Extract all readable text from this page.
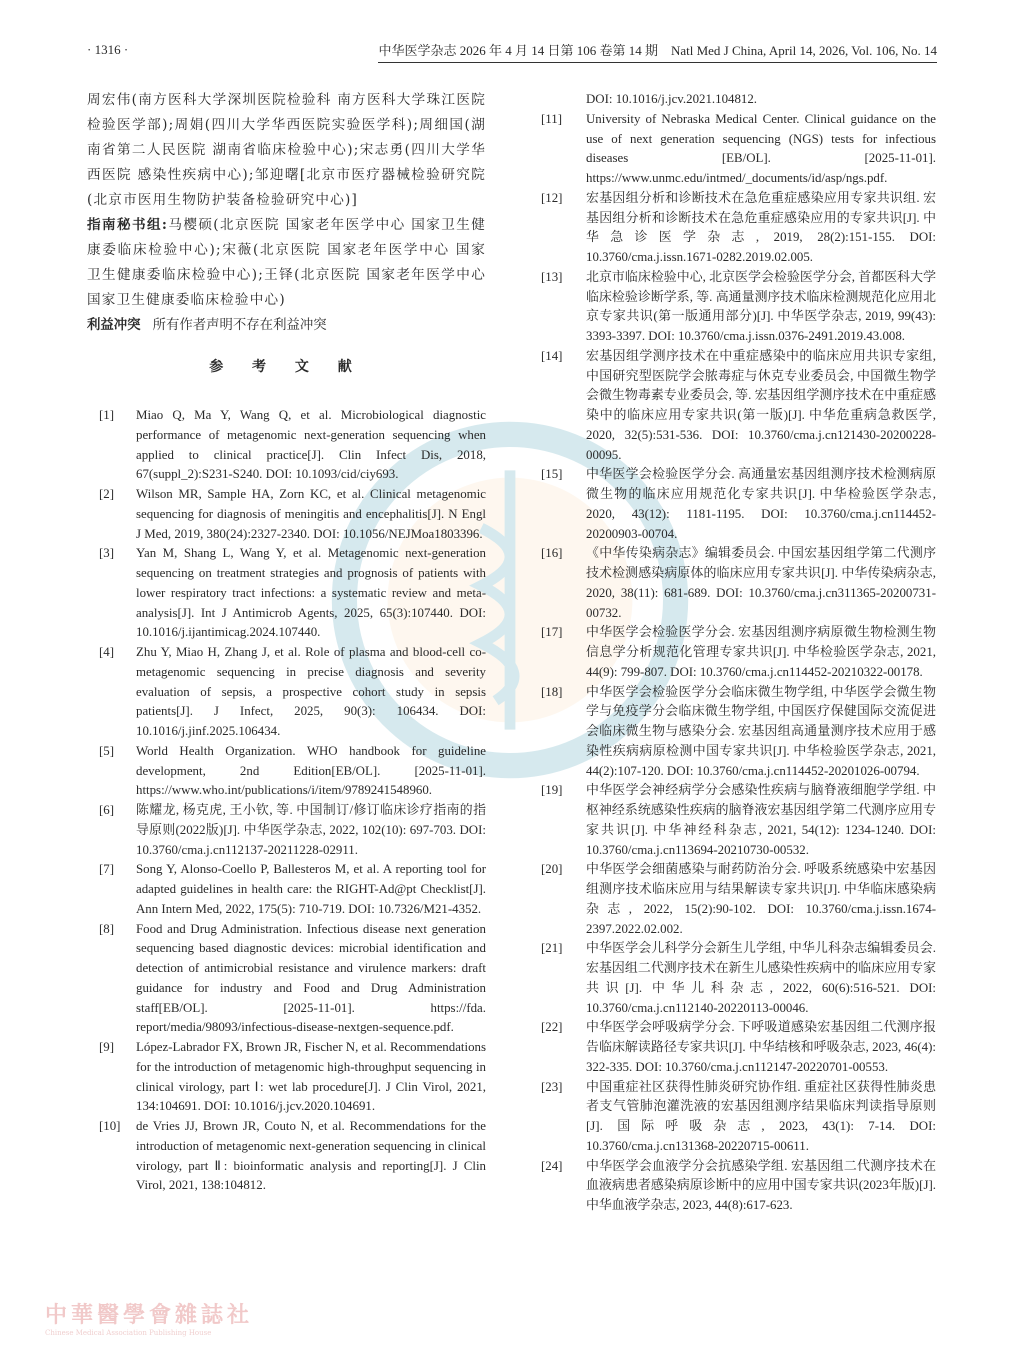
· 1316 ·	中华医学杂志 2026 年 4 月 14 日第 106 卷第 14 期　Natl Med J China, April 14, 2026, Vol. 106, No. 14
周宏伟(南方医科大学深圳医院检验科 南方医科大学珠江医院检验医学部);周娟(四川大学华西医院实验医学科);周细国(湖南省第二人民医院 湖南省临床检验中心);宋志勇(四川大学华西医院 感染性疾病中心);邹迎曙[北京市医疗器械检验研究院(北京市医用生物防护装备检验研究中心)]
指南秘书组:马樱硕(北京医院 国家老年医学中心 国家卫生健康委临床检验中心);宋薇(北京医院 国家老年医学中心 国家卫生健康委临床检验中心);王铎(北京医院 国家老年医学中心 国家卫生健康委临床检验中心)
利益冲突 所有作者声明不存在利益冲突
参 考 文 献
[1]	Miao Q, Ma Y, Wang Q, et al. Microbiological diagnostic performance of metagenomic next-generation sequencing when applied to clinical practice[J]. Clin Infect Dis, 2018, 67(suppl_2):S231-S240. DOI: 10.1093/cid/ciy693.
[2]	Wilson MR, Sample HA, Zorn KC, et al. Clinical metagenomic sequencing for diagnosis of meningitis and encephalitis[J]. N Engl J Med, 2019, 380(24):2327-2340. DOI: 10.1056/NEJMoa1803396.
[3]	Yan M, Shang L, Wang Y, et al. Metagenomic next-generation sequencing on treatment strategies and prognosis of patients with lower respiratory tract infections: a systematic review and meta-analysis[J]. Int J Antimicrob Agents, 2025, 65(3):107440. DOI: 10.1016/j.ijantimicag.2024.107440.
[4]	Zhu Y, Miao H, Zhang J, et al. Role of plasma and blood-cell co-metagenomic sequencing in precise diagnosis and severity evaluation of sepsis, a prospective cohort study in sepsis patients[J]. J Infect, 2025, 90(3): 106434. DOI: 10.1016/j.jinf.2025.106434.
[5]	World Health Organization. WHO handbook for guideline development, 2nd Edition[EB/OL]. [2025-11-01]. https://www.who.int/publications/i/item/9789241548960.
[6]	陈耀龙, 杨克虎, 王小钦, 等. 中国制订/修订临床诊疗指南的指导原则(2022版)[J]. 中华医学杂志, 2022, 102(10): 697-703. DOI: 10.3760/cma.j.cn112137-20211228-02911.
[7]	Song Y, Alonso-Coello P, Ballesteros M, et al. A reporting tool for adapted guidelines in health care: the RIGHT-Ad@pt Checklist[J]. Ann Intern Med, 2022, 175(5): 710-719. DOI: 10.7326/M21-4352.
[8]	Food and Drug Administration. Infectious disease next generation sequencing based diagnostic devices: microbial identification and detection of antimicrobial resistance and virulence markers: draft guidance for industry and Food and Drug Administration staff[EB/OL]. [2025-11-01]. https://fda. report/media/98093/infectious-disease-nextgen-sequence.pdf.
[9]	López-Labrador FX, Brown JR, Fischer N, et al. Recommendations for the introduction of metagenomic high-throughput sequencing in clinical virology, part Ⅰ: wet lab procedure[J]. J Clin Virol, 2021, 134:104691. DOI: 10.1016/j.jcv.2020.104691.
[10]	de Vries JJ, Brown JR, Couto N, et al. Recommendations for the introduction of metagenomic next-generation sequencing in clinical virology, part Ⅱ: bioinformatic analysis and reporting[J]. J Clin Virol, 2021, 138:104812.
DOI: 10.1016/j.jcv.2021.104812.
[11]	University of Nebraska Medical Center. Clinical guidance on the use of next generation sequencing (NGS) tests for infectious diseases [EB/OL]. [2025-11-01]. https://www.unmc.edu/intmed/_documents/id/asp/ngs.pdf.
[12]	宏基因组分析和诊断技术在急危重症感染应用专家共识组. 宏基因组分析和诊断技术在急危重症感染应用的专家共识[J]. 中华急诊医学杂志, 2019, 28(2):151-155. DOI: 10.3760/cma.j.issn.1671-0282.2019.02.005.
[13]	北京市临床检验中心, 北京医学会检验医学分会, 首都医科大学临床检验诊断学系, 等. 高通量测序技术临床检测规范化应用北京专家共识(第一版通用部分)[J]. 中华医学杂志, 2019, 99(43): 3393-3397. DOI: 10.3760/cma.j.issn.0376-2491.2019.43.008.
[14]	宏基因组学测序技术在中重症感染中的临床应用共识专家组, 中国研究型医院学会脓毒症与休克专业委员会, 中国微生物学会微生物毒素专业委员会, 等. 宏基因组学测序技术在中重症感染中的临床应用专家共识(第一版)[J]. 中华危重病急救医学, 2020, 32(5):531-536. DOI: 10.3760/cma.j.cn121430-20200228-00095.
[15]	中华医学会检验医学分会. 高通量宏基因组测序技术检测病原微生物的临床应用规范化专家共识[J]. 中华检验医学杂志, 2020, 43(12): 1181-1195. DOI: 10.3760/cma.j.cn114452-20200903-00704.
[16]	《中华传染病杂志》编辑委员会. 中国宏基因组学第二代测序技术检测感染病原体的临床应用专家共识[J]. 中华传染病杂志, 2020, 38(11): 681-689. DOI: 10.3760/cma.j.cn311365-20200731-00732.
[17]	中华医学会检验医学分会. 宏基因组测序病原微生物检测生物信息学分析规范化管理专家共识[J]. 中华检验医学杂志, 2021, 44(9): 799-807. DOI: 10.3760/cma.j.cn114452-20210322-00178.
[18]	中华医学会检验医学分会临床微生物学组, 中华医学会微生物学与免疫学分会临床微生物学组, 中国医疗保健国际交流促进会临床微生物与感染分会. 宏基因组高通量测序技术应用于感染性疾病病原检测中国专家共识[J]. 中华检验医学杂志, 2021, 44(2):107-120. DOI: 10.3760/cma.j.cn114452-20201026-00794.
[19]	中华医学会神经病学分会感染性疾病与脑脊液细胞学学组. 中枢神经系统感染性疾病的脑脊液宏基因组学第二代测序应用专家共识[J]. 中华神经科杂志, 2021, 54(12): 1234-1240. DOI: 10.3760/cma.j.cn113694-20210730-00532.
[20]	中华医学会细菌感染与耐药防治分会. 呼吸系统感染中宏基因组测序技术临床应用与结果解读专家共识[J]. 中华临床感染病杂志, 2022, 15(2):90-102. DOI: 10.3760/cma.j.issn.1674-2397.2022.02.002.
[21]	中华医学会儿科学分会新生儿学组, 中华儿科杂志编辑委员会. 宏基因组二代测序技术在新生儿感染性疾病中的临床应用专家共识[J]. 中华儿科杂志, 2022, 60(6):516-521. DOI: 10.3760/cma.j.cn112140-20220113-00046.
[22]	中华医学会呼吸病学分会. 下呼吸道感染宏基因组二代测序报告临床解读路径专家共识[J]. 中华结核和呼吸杂志, 2023, 46(4): 322-335. DOI: 10.3760/cma.j.cn112147-20220701-00553.
[23]	中国重症社区获得性肺炎研究协作组. 重症社区获得性肺炎患者支气管肺泡灌洗液的宏基因组测序结果临床判读指导原则[J]. 国际呼吸杂志, 2023, 43(1): 7-14. DOI: 10.3760/cma.j.cn131368-20220715-00611.
[24]	中华医学会血液学分会抗感染学组. 宏基因组二代测序技术在血液病患者感染病原诊断中的应用中国专家共识(2023年版)[J]. 中华血液学杂志, 2023, 44(8):617-623.
中華醫學會雜誌社
Chinese Medical Association Publishing House
